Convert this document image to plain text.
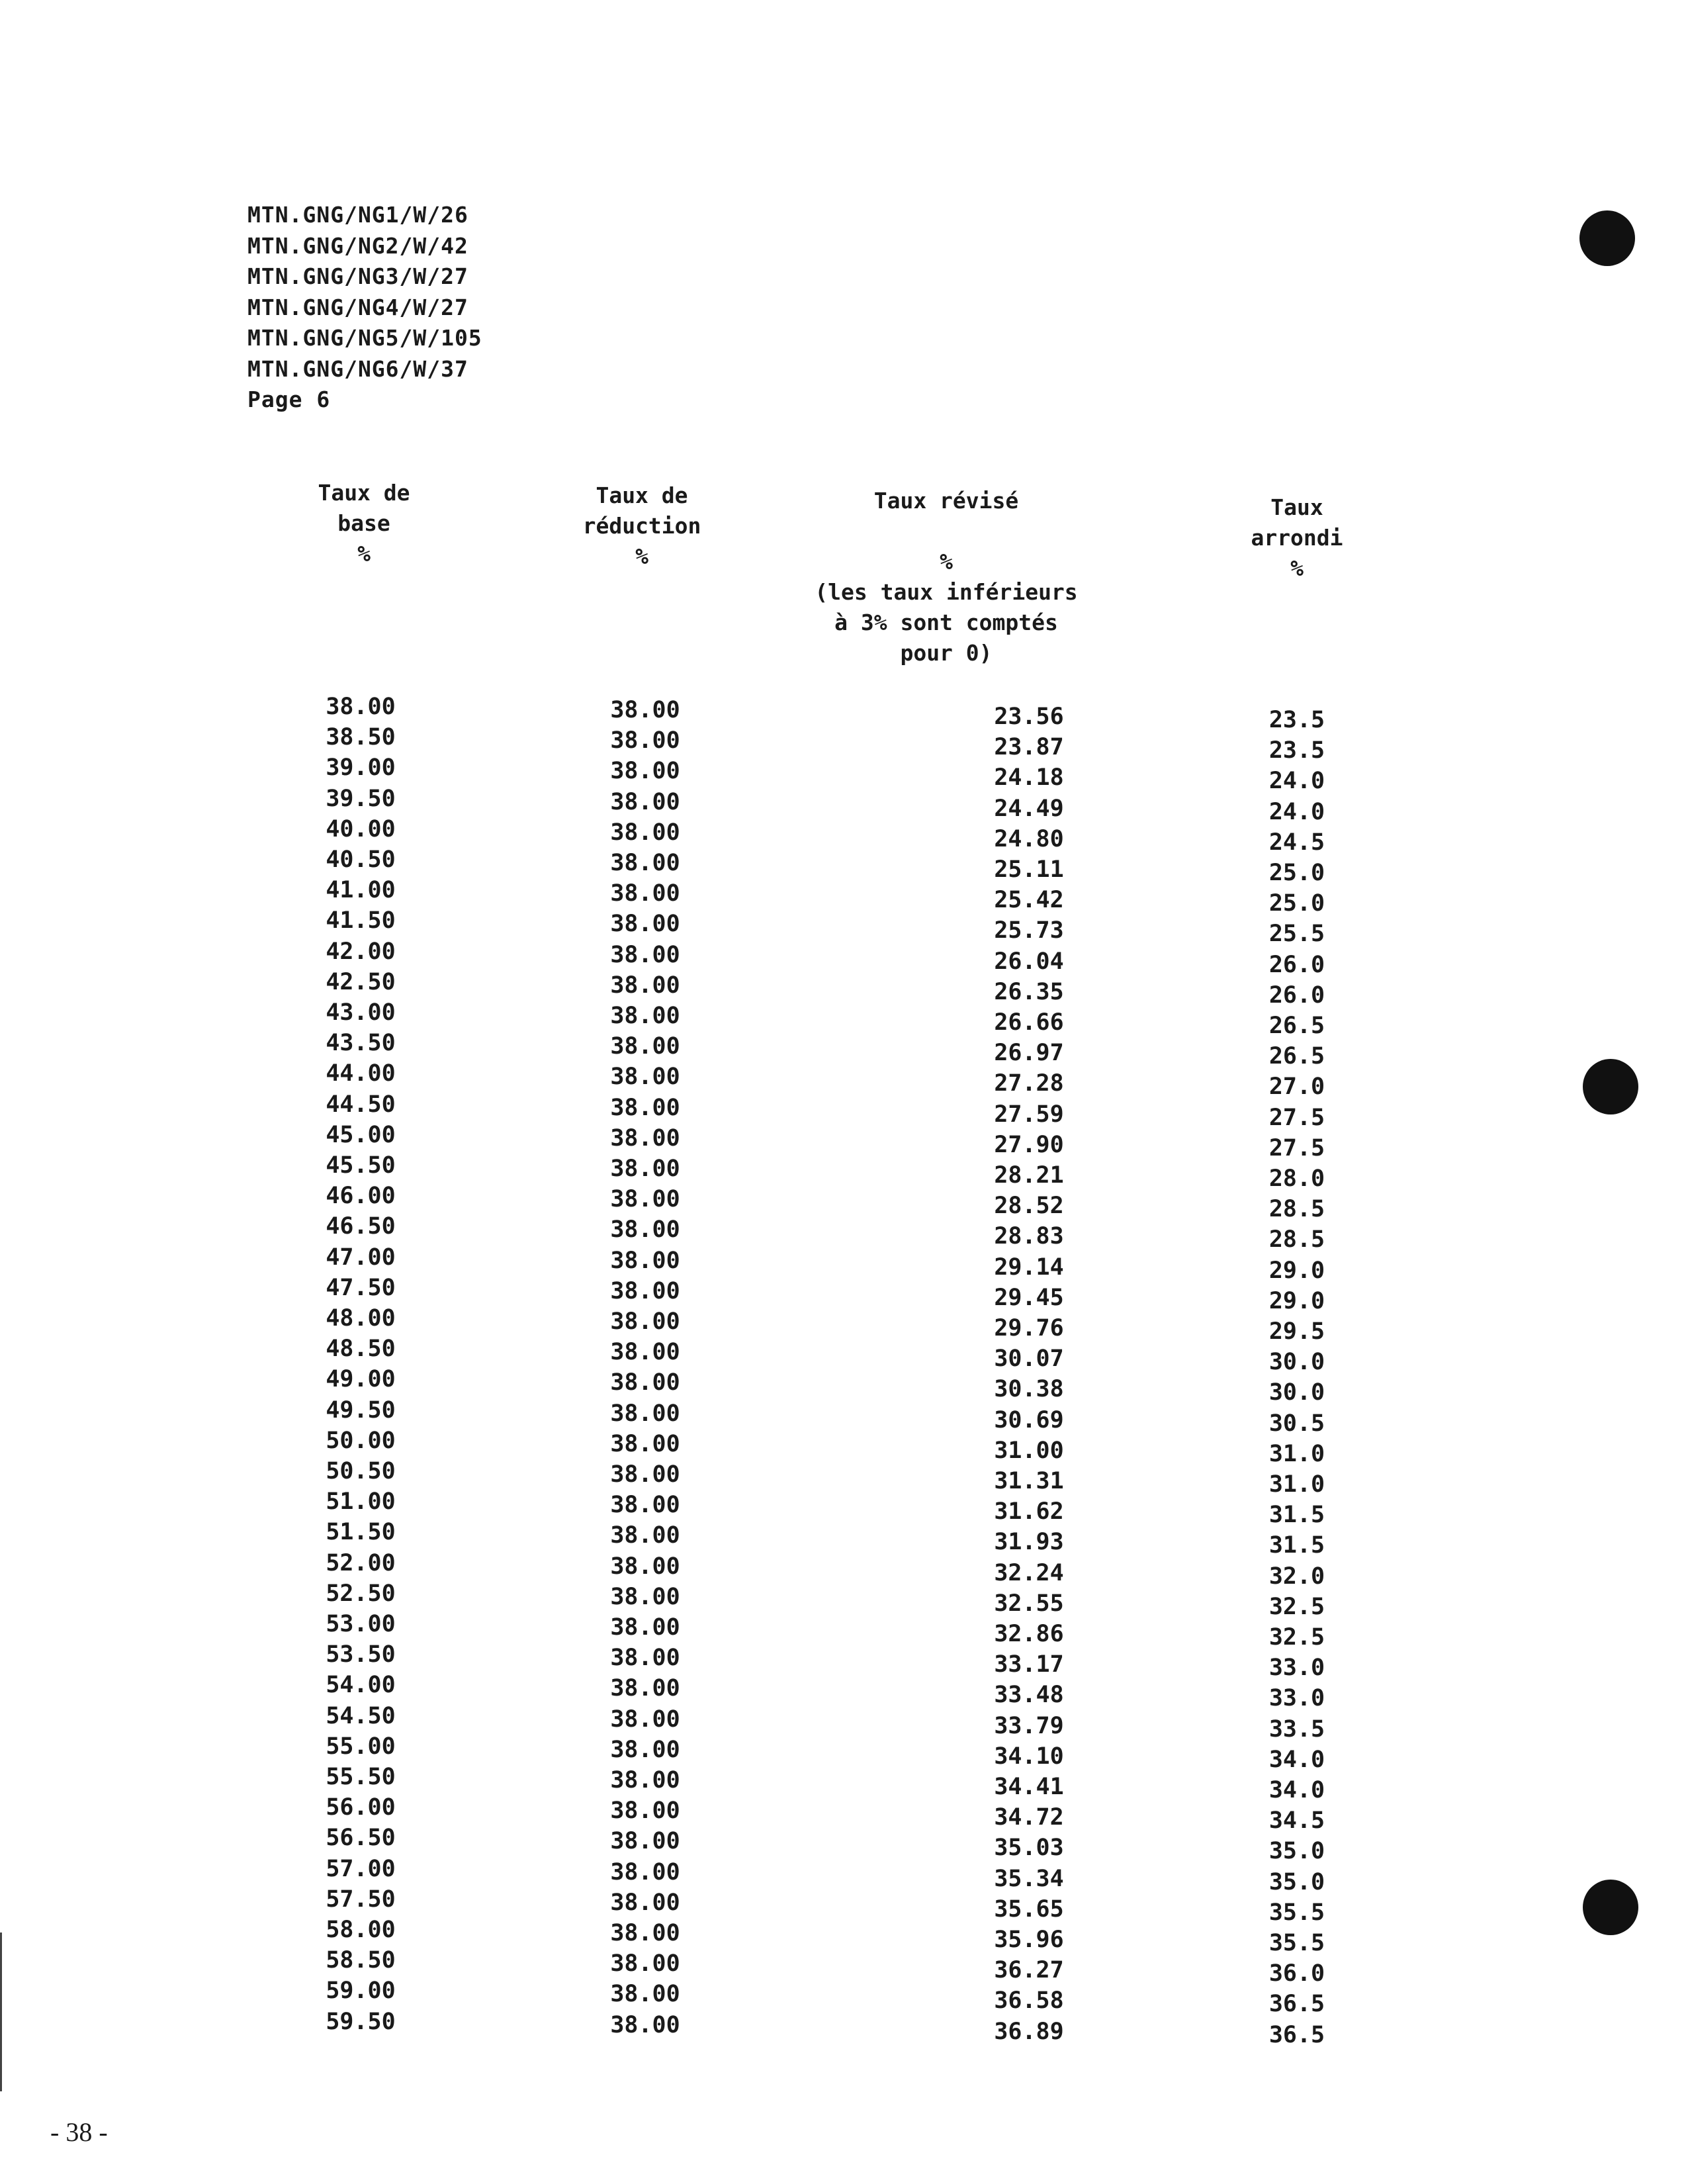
MTN.GNG/NG1/W/26
MTN.GNG/NG2/W/42
MTN.GNG/NG3/W/27
MTN.GNG/NG4/W/27
MTN.GNG/NG5/W/105
MTN.GNG/NG6/W/37
Page 6
Taux de
base
%
Taux de
réduction
%
Taux révisé

%
(les taux inférieurs
à 3% sont comptés
pour 0)
Taux
arrondi
%
38.00
38.50
39.00
39.50
40.00
40.50
41.00
41.50
42.00
42.50
43.00
43.50
44.00
44.50
45.00
45.50
46.00
46.50
47.00
47.50
48.00
48.50
49.00
49.50
50.00
50.50
51.00
51.50
52.00
52.50
53.00
53.50
54.00
54.50
55.00
55.50
56.00
56.50
57.00
57.50
58.00
58.50
59.00
59.50
38.00
38.00
38.00
38.00
38.00
38.00
38.00
38.00
38.00
38.00
38.00
38.00
38.00
38.00
38.00
38.00
38.00
38.00
38.00
38.00
38.00
38.00
38.00
38.00
38.00
38.00
38.00
38.00
38.00
38.00
38.00
38.00
38.00
38.00
38.00
38.00
38.00
38.00
38.00
38.00
38.00
38.00
38.00
38.00
23.56
23.87
24.18
24.49
24.80
25.11
25.42
25.73
26.04
26.35
26.66
26.97
27.28
27.59
27.90
28.21
28.52
28.83
29.14
29.45
29.76
30.07
30.38
30.69
31.00
31.31
31.62
31.93
32.24
32.55
32.86
33.17
33.48
33.79
34.10
34.41
34.72
35.03
35.34
35.65
35.96
36.27
36.58
36.89
23.5
23.5
24.0
24.0
24.5
25.0
25.0
25.5
26.0
26.0
26.5
26.5
27.0
27.5
27.5
28.0
28.5
28.5
29.0
29.0
29.5
30.0
30.0
30.5
31.0
31.0
31.5
31.5
32.0
32.5
32.5
33.0
33.0
33.5
34.0
34.0
34.5
35.0
35.0
35.5
35.5
36.0
36.5
36.5
- 38 -
